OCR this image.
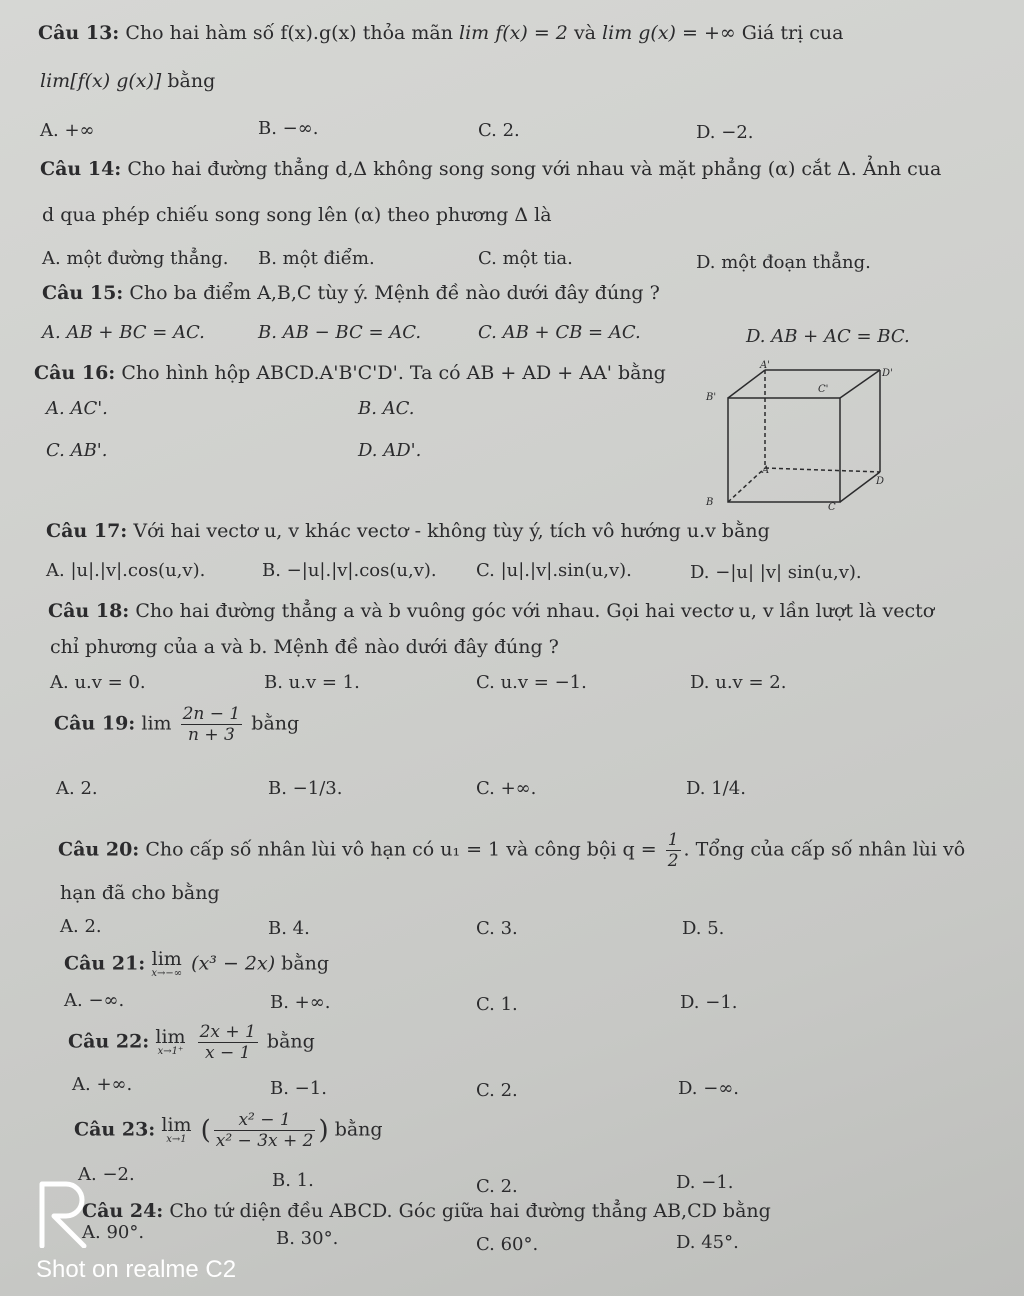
Câu 13: Cho hai hàm số f(x).g(x) thỏa mãn lim f(x) = 2 và lim g(x) = +∞ Giá trị cua
lim[f(x) g(x)] bằng
A. +∞	B. −∞.	C. 2.	D. −2.
Câu 14: Cho hai đường thẳng d,Δ không song song với nhau và mặt phẳng (α) cắt Δ. Ảnh cua
d qua phép chiếu song song lên (α) theo phương Δ là
A. một đường thẳng. B. một điểm.	C. một tia.	D. một đoạn thẳng.
Câu 15: Cho ba điểm A,B,C tùy ý. Mệnh đề nào dưới đây đúng ?
A. AB + BC = AC.	B. AB − BC = AC.	C. AB + CB = AC.	D. AB + AC = BC.
Câu 16: Cho hình hộp ABCD.A'B'C'D'. Ta có AB + AD + AA' bằng
A. AC'.	B. AC.
C. AB'.	D. AD'.
A
D
B	C
A'
D'
B'
C'
Câu 17: Với hai vectơ u, v khác vectơ - không tùy ý, tích vô hướng u.v bằng
A. |u|.|v|.cos(u,v).	B. −|u|.|v|.cos(u,v). C. |u|.|v|.sin(u,v).	D. −|u| |v| sin(u,v).
Câu 18: Cho hai đường thẳng a và b vuông góc với nhau. Gọi hai vectơ u, v lần lượt là vectơ
chỉ phương của a và b. Mệnh đề nào dưới đây đúng ?
A. u.v = 0.	B. u.v = 1.	C. u.v = −1.	D. u.v = 2.
Câu 19: $\lim \frac{2n - 1}{n + 3}$ bằng
A. 2.	B. −1/3.	C. +∞.	D. 1/4.
Câu 20: Cho cấp số nhân lùi vô hạn có u₁ = 1 và công bội $q = \frac{1}{2}$ . Tổng của cấp số nhân lùi vô
hạn đã cho bằng
A. 2.	B. 4.	C. 3.	D. 5.
Câu 21: lim
x→−∞ (x³ − 2x) bằng
A. −∞.	B. +∞.	C. 1.	D. −1.
Câu 22: lim
x→1⁺
$\frac{2x + 1}{x - 1}$ bằng
A. +∞.	B. −1.	C. 2.	D. −∞.
Câu 23: lim
x→1 ( $\frac{\text{x² − 1}}{\text{x² − 3x + 2}}$ ) bằng
A. −2.	B. 1.	C. 2.	D. −1.
Câu 24: Cho tứ diện đều ABCD. Góc giữa hai đường thẳng AB,CD bằng
A. 90°.	B. 30°.	C. 60°.	D. 45°.
Shot on realme C2
